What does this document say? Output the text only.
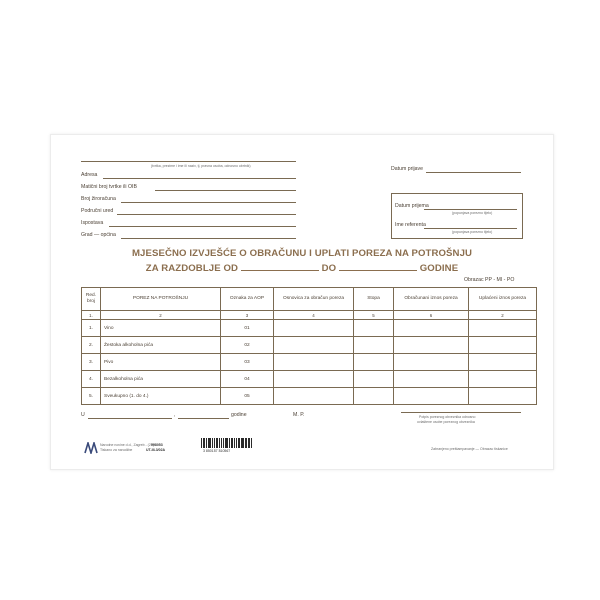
(tvrtka, prezime i ime ili naziv, tj. pravna osoba, odnosno obrtnik)
Adresa
Matični broj tvrtke ili OIB
Broj žiroračuna
Područni ured
Ispostava
Grad — općina
Datum prijave
Datum prijema
(popunjava porezno tijelo)
Ime referenta
(popunjava porezno tijelo)
MJESEČNO IZVJEŠĆE O OBRAČUNU I UPLATI POREZA NA POTROŠNJU
ZA RAZDOBLJE OD	DO	GODINE
Obrazac PP - MI - PO
Red. broj	POREZ NA POTROŠNJU	Oznaka za AOP	Osnovica za obračun poreza	Stopa	Obračunani iznos poreza	Uplaćeni iznos poreza
1.	2	3	4	5	6	2
1.	Vino	01				
2.	Žestoka alkoholna pića	02				
3.	Pivo	03				
4.	Bezalkoholna pića	04				
5.	Sveukupno (1. do 4.)	05				
U	,	godine	M. P.	Potpis poreznog obveznika odnosno
ovlaštene osobe poreznog obveznika
Narodne novine d.d., Zagreb - (27)
Tiskano za narudžbe
998053
UT-III-3/02A	3 850157 810567	Zabranjeno preštampavanje — Obrazac tiskanice
